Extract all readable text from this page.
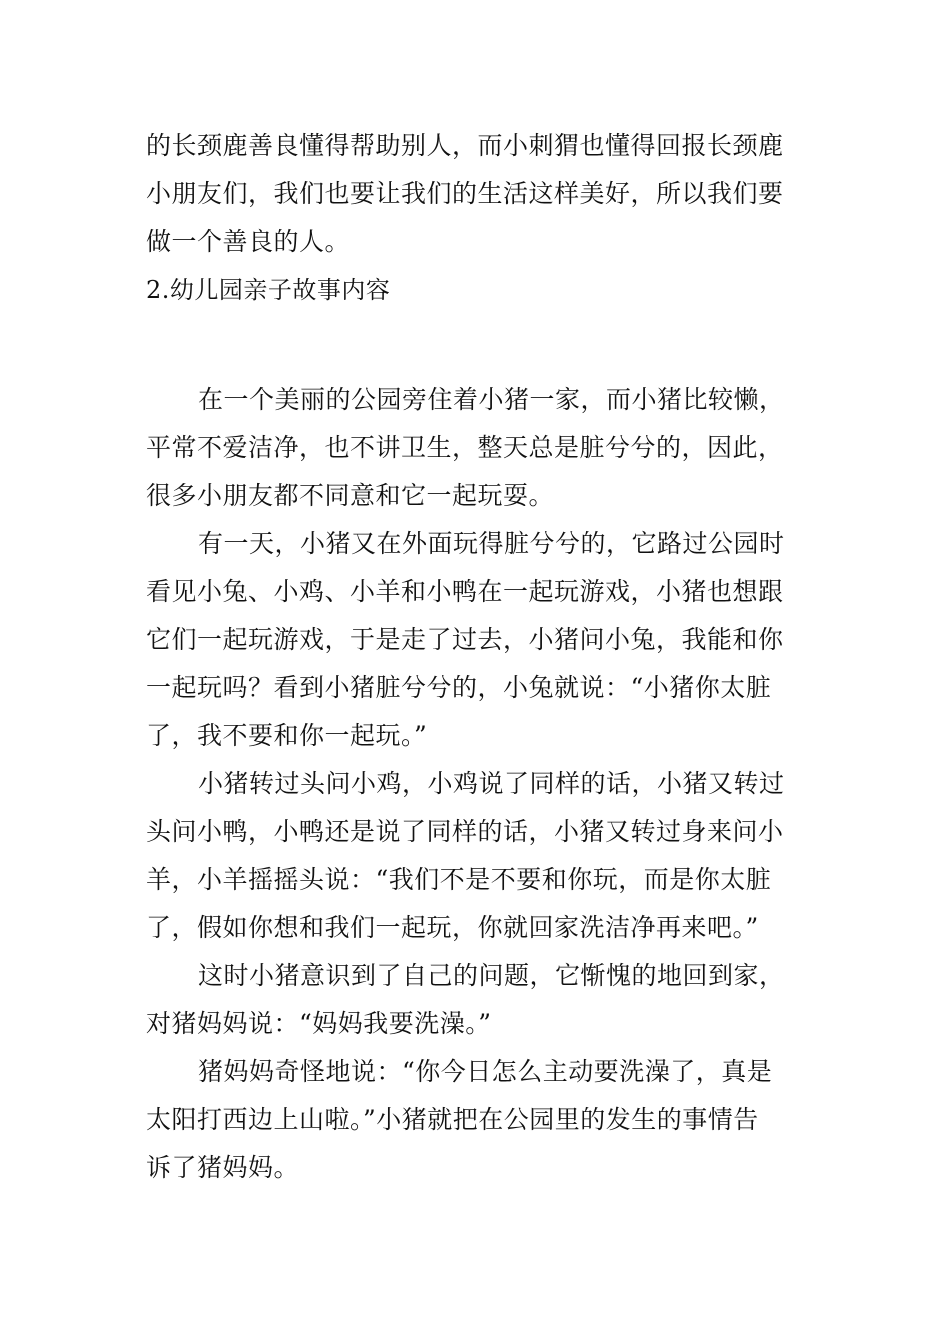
的长颈鹿善良懂得帮助别人，而小刺猬也懂得回报长颈鹿
小朋友们，我们也要让我们的生活这样美好，所以我们要
做一个善良的人。
2.幼儿园亲子故事内容
在一个美丽的公园旁住着小猪一家，而小猪比较懒，
平常不爱洁净，也不讲卫生，整天总是脏兮兮的，因此，
很多小朋友都不同意和它一起玩耍。
有一天，小猪又在外面玩得脏兮兮的，它路过公园时
看见小兔、小鸡、小羊和小鸭在一起玩游戏，小猪也想跟
它们一起玩游戏，于是走了过去，小猪问小兔，我能和你
一起玩吗？看到小猪脏兮兮的，小兔就说：“小猪你太脏
了，我不要和你一起玩。”
小猪转过头问小鸡，小鸡说了同样的话，小猪又转过
头问小鸭，小鸭还是说了同样的话，小猪又转过身来问小
羊，小羊摇摇头说：“我们不是不要和你玩，而是你太脏
了，假如你想和我们一起玩，你就回家洗洁净再来吧。”
这时小猪意识到了自己的问题，它惭愧的地回到家，
对猪妈妈说：“妈妈我要洗澡。”
猪妈妈奇怪地说：“你今日怎么主动要洗澡了，真是
太阳打西边上山啦。”小猪就把在公园里的发生的事情告
诉了猪妈妈。
